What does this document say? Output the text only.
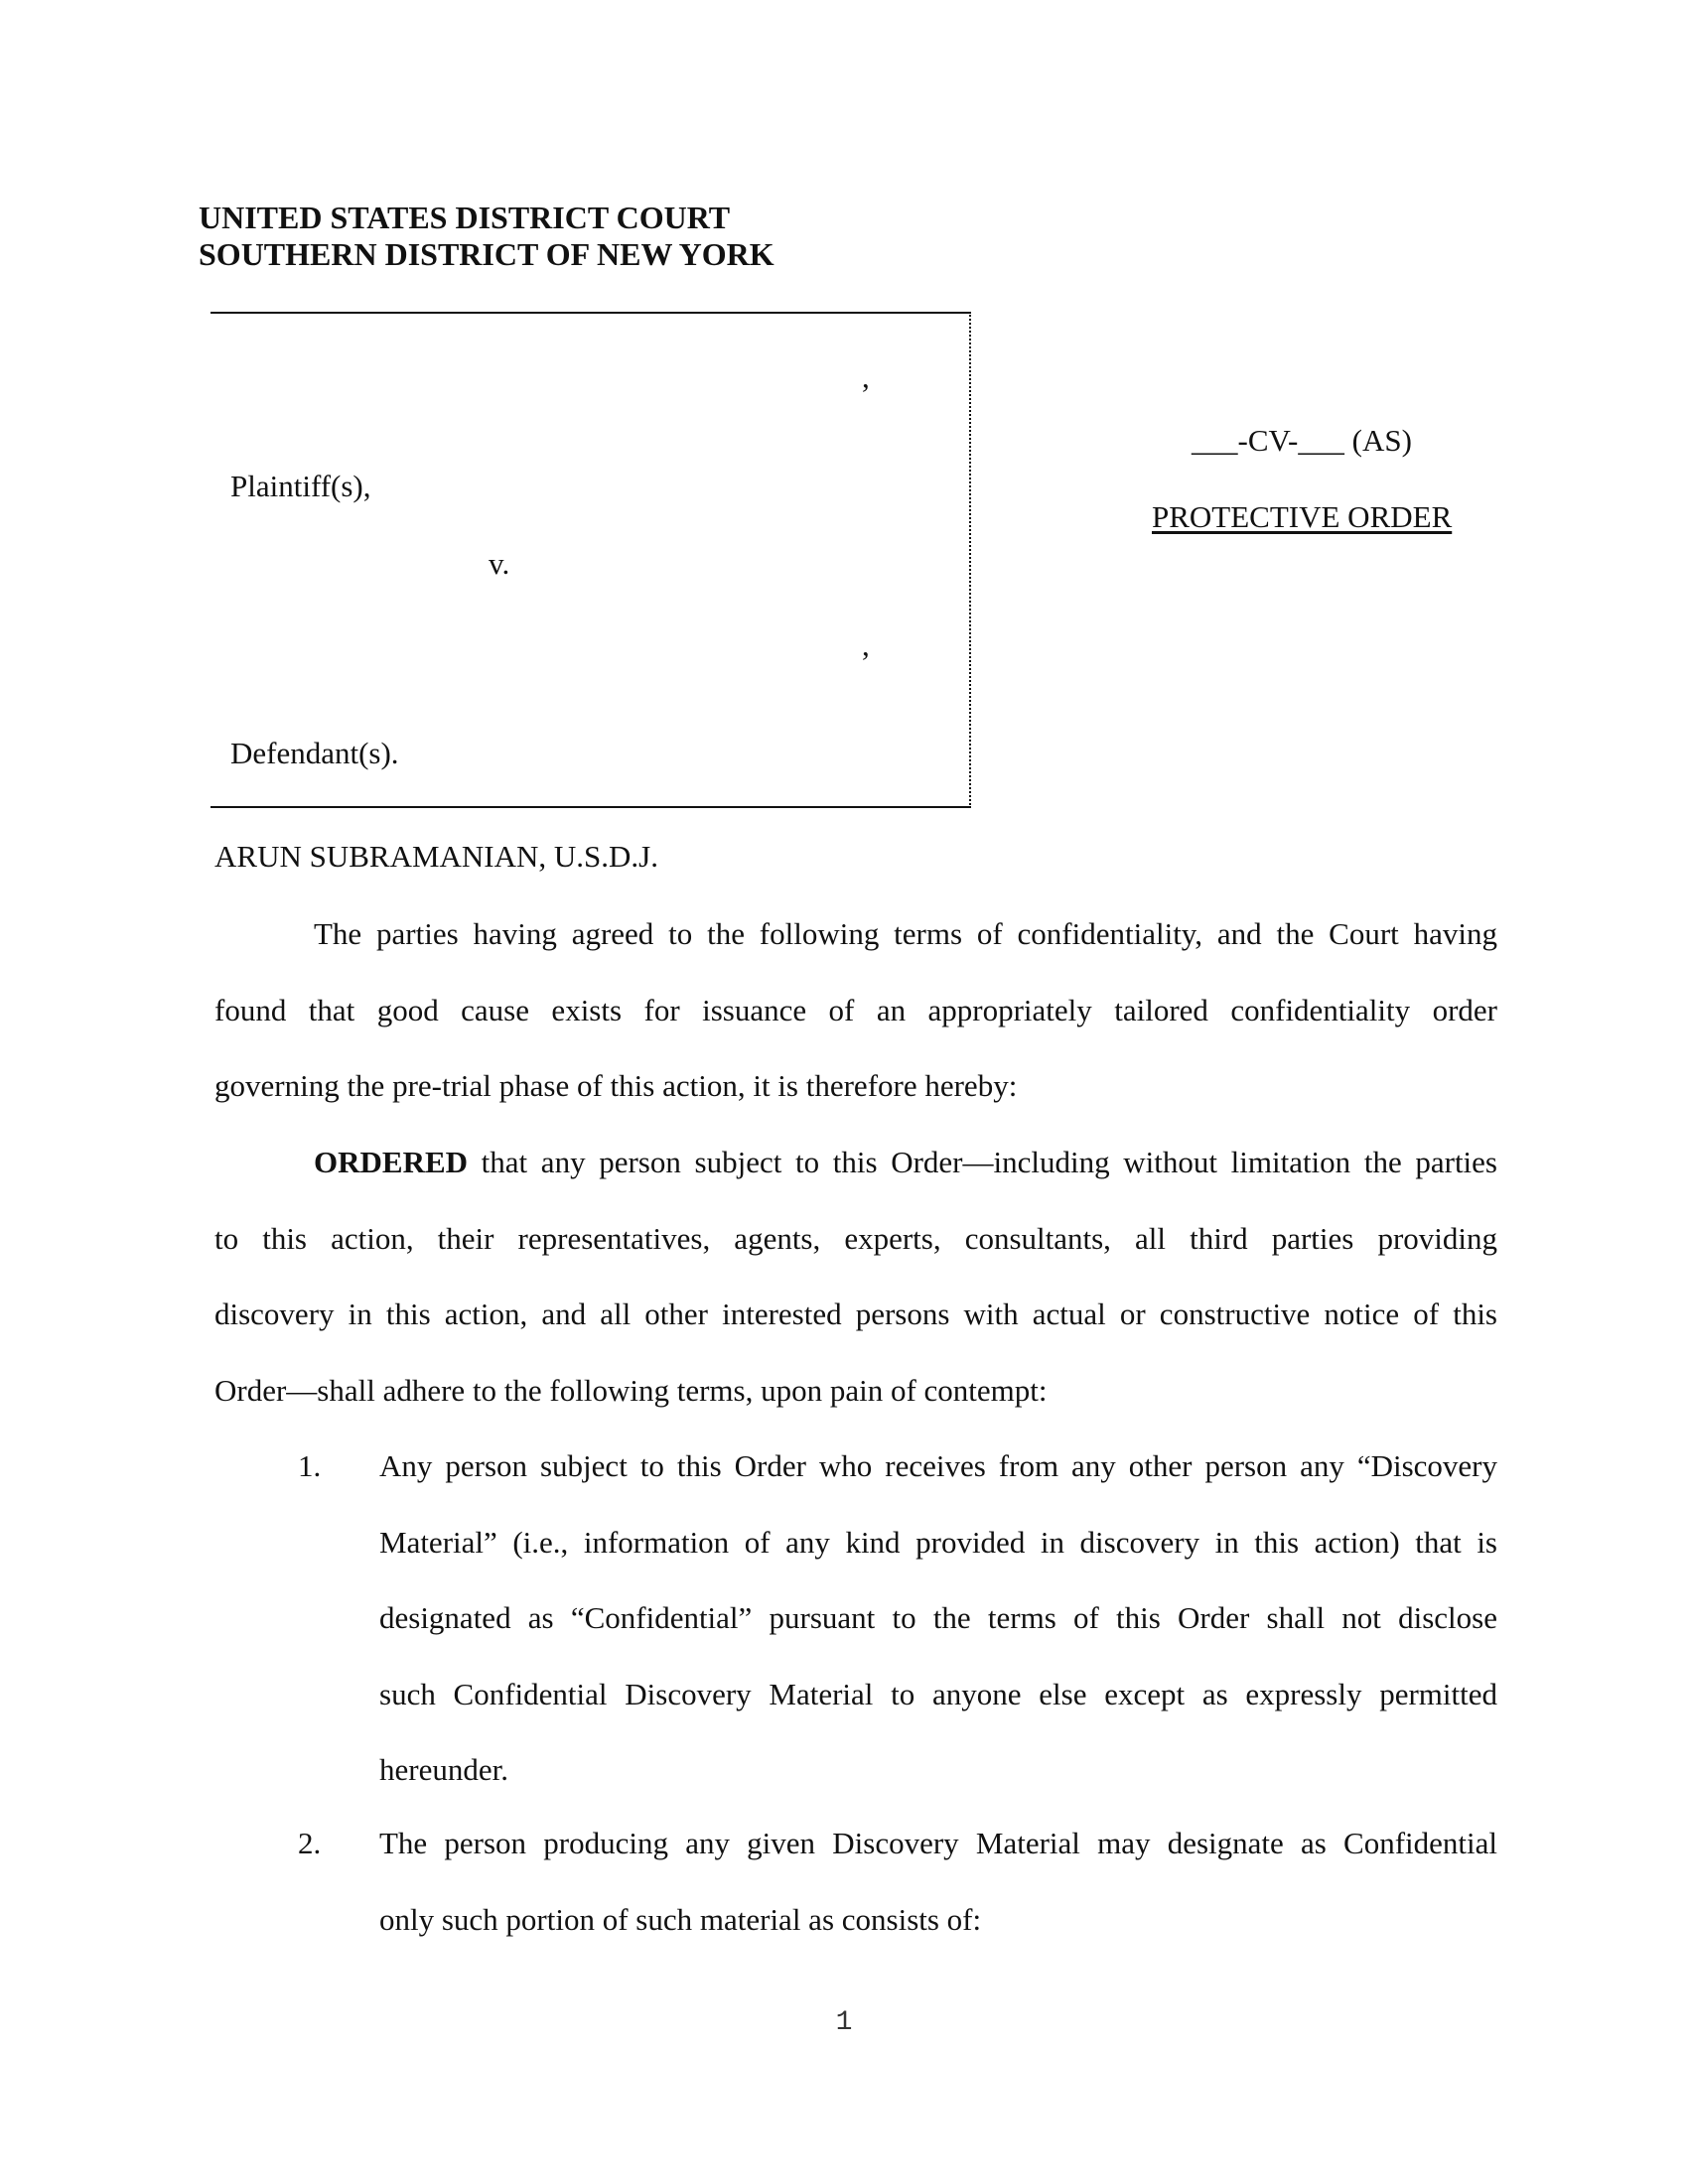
UNITED STATES DISTRICT COURT
SOUTHERN DISTRICT OF NEW YORK
,
Plaintiff(s),
v.
,
Defendant(s).
___-CV-___ (AS)
PROTECTIVE ORDER
ARUN SUBRAMANIAN, U.S.D.J.
The parties having agreed to the following terms of confidentiality, and the Court having
found that good cause exists for issuance of an appropriately tailored confidentiality order
governing the pre-trial phase of this action, it is therefore hereby:
ORDERED that any person subject to this Order—including without limitation the parties
to this action, their representatives, agents, experts, consultants, all third parties providing
discovery in this action, and all other interested persons with actual or constructive notice of this
Order—shall adhere to the following terms, upon pain of contempt:
1. Any person subject to this Order who receives from any other person any “Discovery
Material” (i.e., information of any kind provided in discovery in this action) that is
designated as “Confidential” pursuant to the terms of this Order shall not disclose
such Confidential Discovery Material to anyone else except as expressly permitted
hereunder.
2. The person producing any given Discovery Material may designate as Confidential
only such portion of such material as consists of:
1
